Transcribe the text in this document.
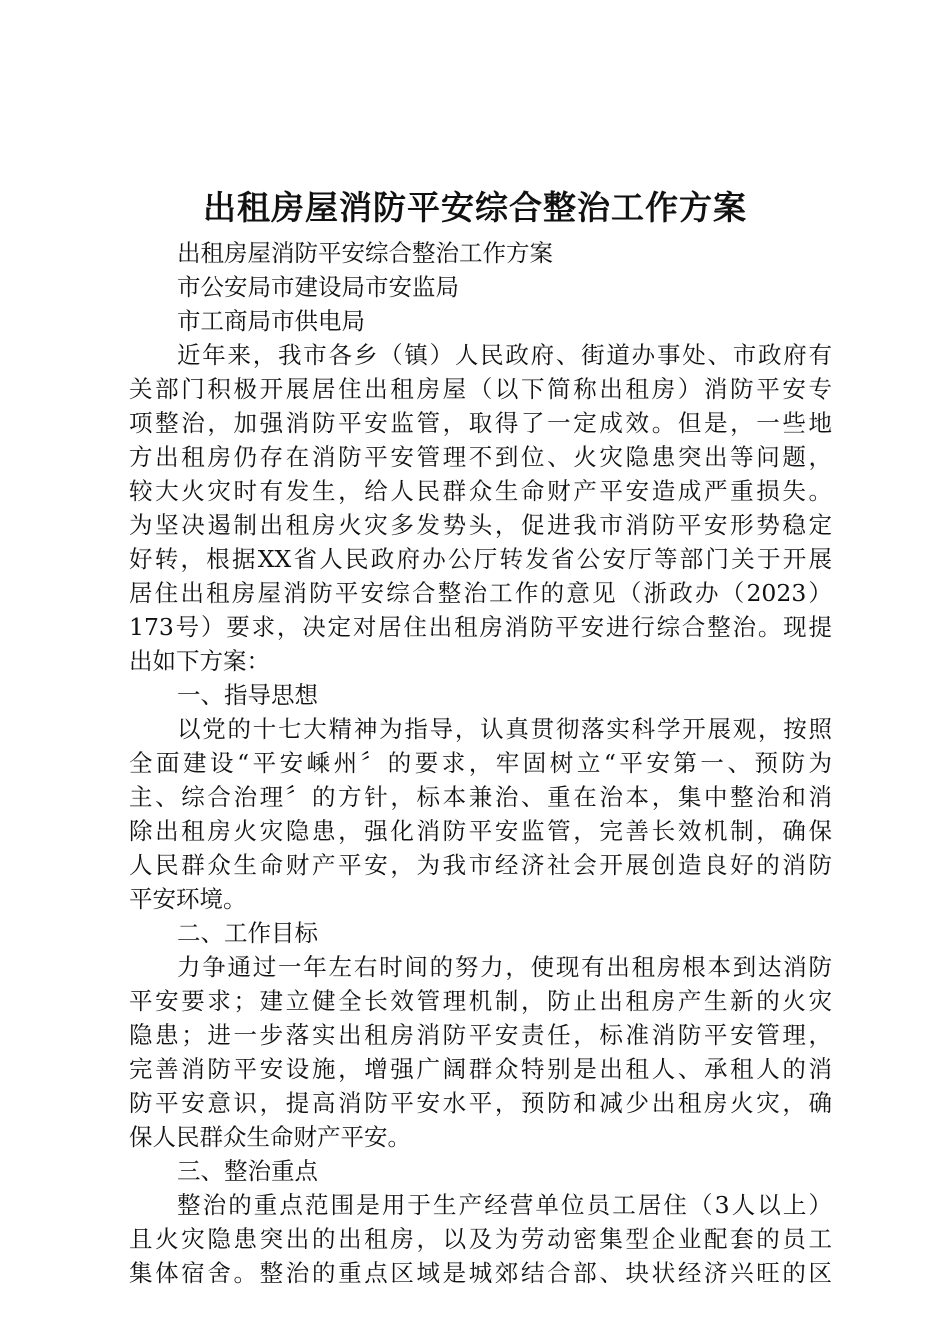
出租房屋消防平安综合整治工作方案
出租房屋消防平安综合整治工作方案
市公安局市建设局市安监局
市工商局市供电局
近年来，我市各乡（镇）人民政府、街道办事处、市政府有
关部门积极开展居住出租房屋（以下简称出租房）消防平安专
项整治，加强消防平安监管，取得了一定成效。但是，一些地
方出租房仍存在消防平安管理不到位、火灾隐患突出等问题，
较大火灾时有发生，给人民群众生命财产平安造成严重损失。
为坚决遏制出租房火灾多发势头，促进我市消防平安形势稳定
好转，根据XX省人民政府办公厅转发省公安厅等部门关于开展
居住出租房屋消防平安综合整治工作的意见（浙政办（2023）
173号）要求，决定对居住出租房消防平安进行综合整治。现提
出如下方案：
一、指导思想
以党的十七大精神为指导，认真贯彻落实科学开展观，按照
全面建设“平安嵊州〞的要求，牢固树立“平安第一、预防为
主、综合治理〞的方针，标本兼治、重在治本，集中整治和消
除出租房火灾隐患，强化消防平安监管，完善长效机制，确保
人民群众生命财产平安，为我市经济社会开展创造良好的消防
平安环境。
二、工作目标
力争通过一年左右时间的努力，使现有出租房根本到达消防
平安要求；建立健全长效管理机制，防止出租房产生新的火灾
隐患；进一步落实出租房消防平安责任，标准消防平安管理，
完善消防平安设施，增强广阔群众特别是出租人、承租人的消
防平安意识，提高消防平安水平，预防和减少出租房火灾，确
保人民群众生命财产平安。
三、整治重点
整治的重点范围是用于生产经营单位员工居住（3人以上）
且火灾隐患突出的出租房，以及为劳动密集型企业配套的员工
集体宿舍。整治的重点区域是城郊结合部、块状经济兴旺的区
